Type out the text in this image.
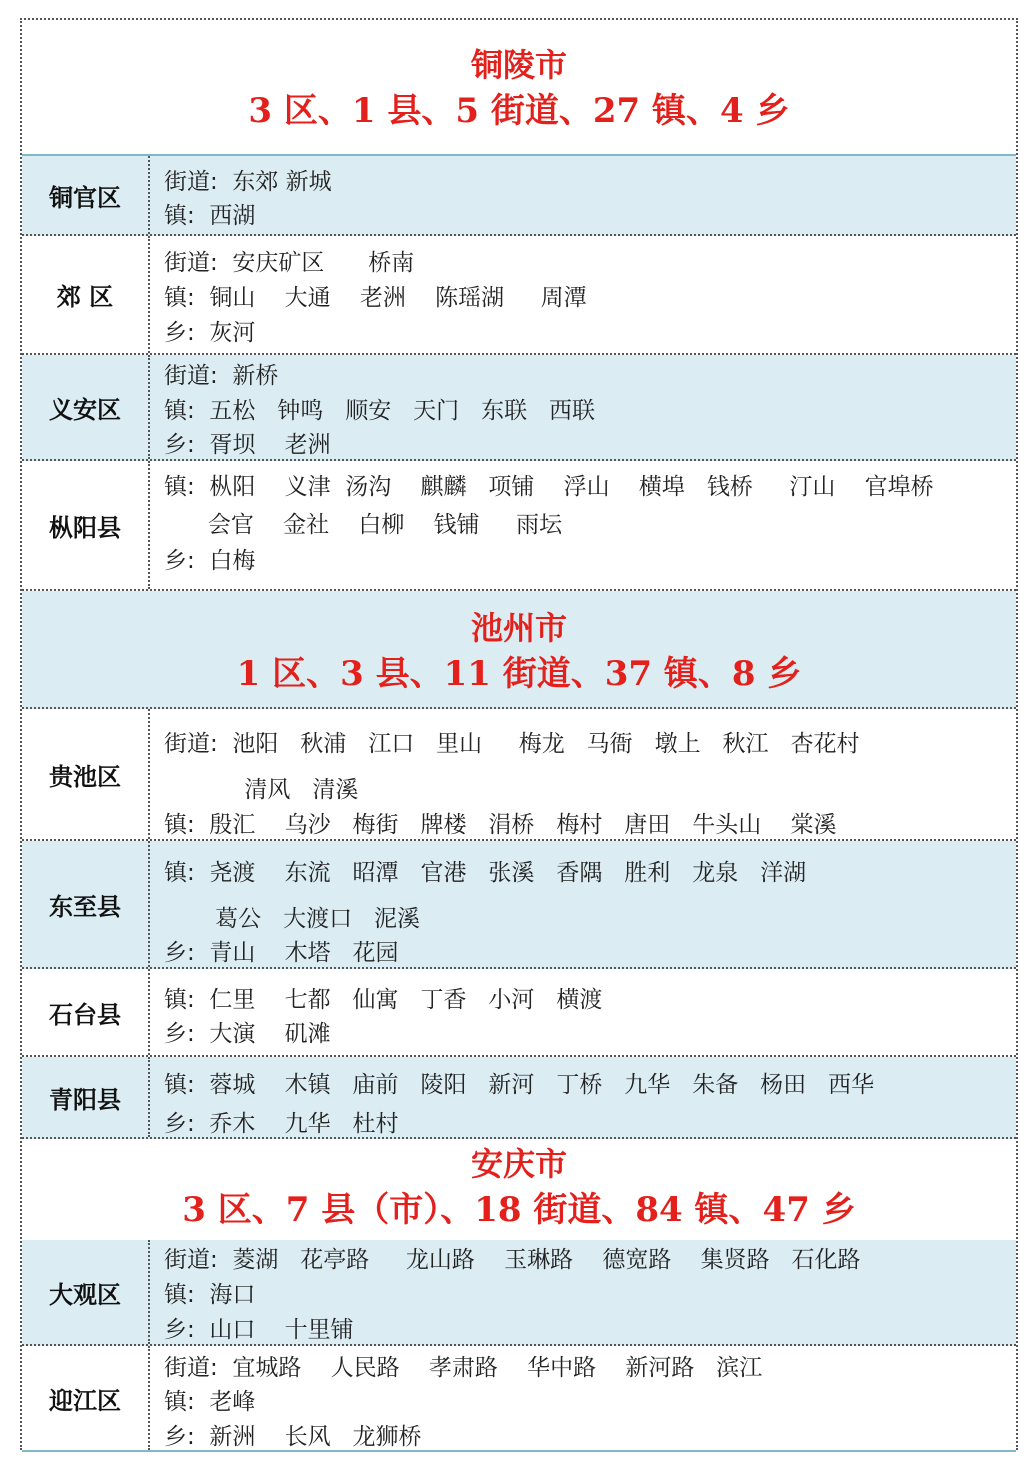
铜陵市
3 区、1 县、5 街道、27 镇、4 乡
铜官区
街道:  东郊 新城
镇:  西湖
郊 区
街道:  安庆矿区      桥南
镇:  铜山    大通    老洲    陈瑶湖     周潭
乡:  灰河
义安区
街道:  新桥
镇:  五松   钟鸣   顺安   天门   东联   西联
乡:  胥坝    老洲
枞阳县
镇:  枞阳    义津  汤沟    麒麟   项铺    浮山    横埠   钱桥     汀山    官埠桥
会官    金社    白柳    钱铺     雨坛
乡:  白梅
池州市
1 区、3 县、11 街道、37 镇、8 乡
贵池区
街道:  池阳   秋浦   江口   里山     梅龙   马衙   墩上   秋江   杏花村
清风   清溪
镇:  殷汇    乌沙   梅街   牌楼   涓桥   梅村   唐田   牛头山    棠溪
东至县
镇:  尧渡    东流   昭潭   官港   张溪   香隅   胜利   龙泉   洋湖
葛公   大渡口   泥溪
乡:  青山    木塔   花园
石台县	镇:  仁里    七都   仙寓   丁香   小河   横渡
乡:  大演    矶滩
青阳县	镇:  蓉城    木镇   庙前   陵阳   新河   丁桥   九华   朱备   杨田   西华
乡:  乔木    九华   杜村
安庆市
3 区、7 县（市）、18 街道、84 镇、47 乡
大观区
街道:  菱湖   花亭路     龙山路    玉琳路    德宽路    集贤路   石化路
镇:  海口
乡:  山口    十里铺
迎江区
街道:  宜城路    人民路    孝肃路    华中路    新河路   滨江
镇:  老峰
乡:  新洲    长风   龙狮桥
